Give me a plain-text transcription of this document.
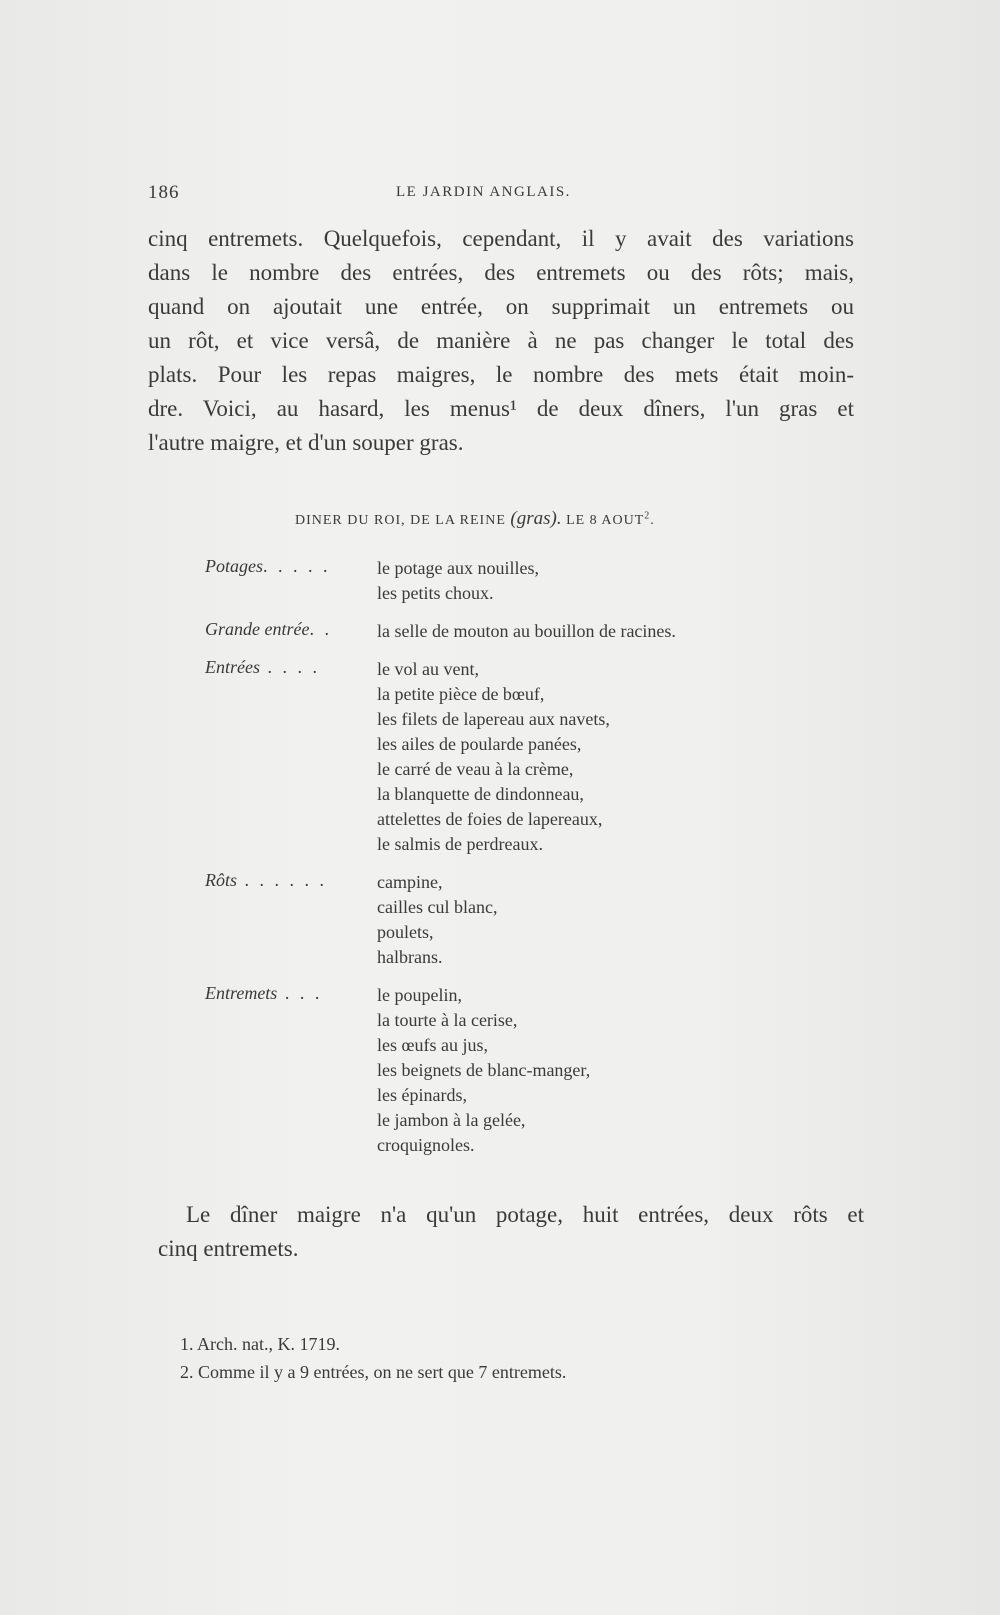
186	LE JARDIN ANGLAIS.
cinq entremets. Quelquefois, cependant, il y avait des variations
dans le nombre des entrées, des entremets ou des rôts; mais,
quand on ajoutait une entrée, on supprimait un entremets ou
un rôt, et vice versâ, de manière à ne pas changer le total des
plats. Pour les repas maigres, le nombre des mets était moin-
dre. Voici, au hasard, les menus¹ de deux dîners, l'un gras et
l'autre maigre, et d'un souper gras.
DINER DU ROI, DE LA REINE (gras). LE 8 AOUT$^2$.
Potages. . . . .	le potage aux nouilles,
les petits choux.
Grande entrée. .	la selle de mouton au bouillon de racines.
Entrées . . . .	le vol au vent,
la petite pièce de bœuf,
les filets de lapereau aux navets,
les ailes de poularde panées,
le carré de veau à la crème,
la blanquette de dindonneau,
attelettes de foies de lapereaux,
le salmis de perdreaux.
Rôts . . . . . .	campine,
cailles cul blanc,
poulets,
halbrans.
Entremets . . .	le poupelin,
la tourte à la cerise,
les œufs au jus,
les beignets de blanc-manger,
les épinards,
le jambon à la gelée,
croquignoles.
Le dîner maigre n'a qu'un potage, huit entrées, deux rôts et
cinq entremets.
1. Arch. nat., K. 1719.
2. Comme il y a 9 entrées, on ne sert que 7 entremets.
